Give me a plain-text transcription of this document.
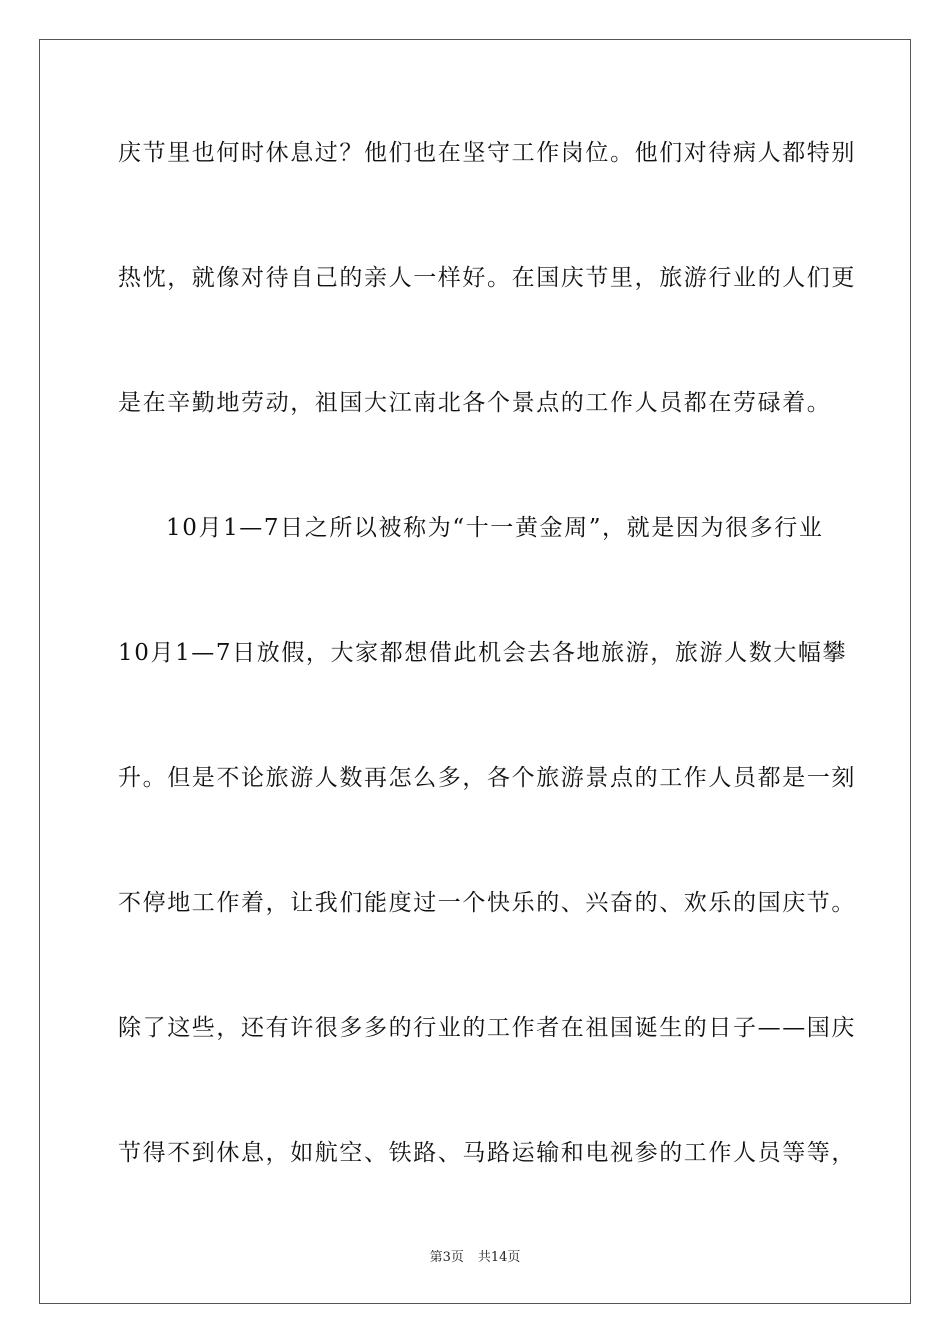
庆节里也何时休息过？他们也在坚守工作岗位。他们对待病人都特别
热忱，就像对待自己的亲人一样好。在国庆节里，旅游行业的人们更
是在辛勤地劳动，祖国大江南北各个景点的工作人员都在劳碌着。
10月1—7日之所以被称为“十一黄金周”，就是因为很多行业
10月1—7日放假，大家都想借此机会去各地旅游，旅游人数大幅攀
升。但是不论旅游人数再怎么多，各个旅游景点的工作人员都是一刻
不停地工作着，让我们能度过一个快乐的、兴奋的、欢乐的国庆节。
除了这些，还有许很多多的行业的工作者在祖国诞生的日子——国庆
节得不到休息，如航空、铁路、马路运输和电视参的工作人员等等，
第3页 共14页
